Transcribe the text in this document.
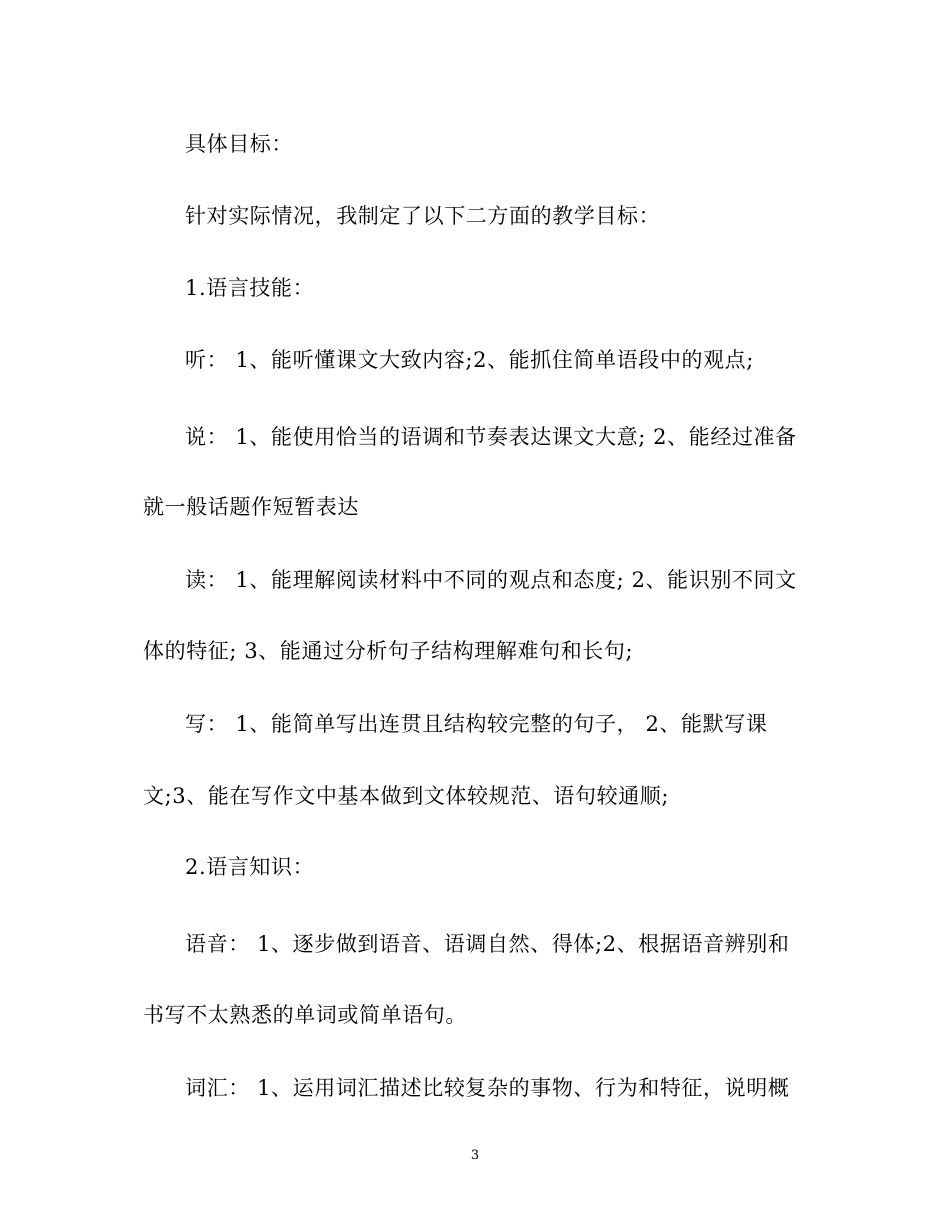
具体目标：
针对实际情况，我制定了以下二方面的教学目标：
1.语言技能：
听： 1、能听懂课文大致内容;2、能抓住简单语段中的观点;
说： 1、能使用恰当的语调和节奏表达课文大意; 2、能经过准备
就一般话题作短暂表达
读： 1、能理解阅读材料中不同的观点和态度; 2、能识别不同文
体的特征; 3、能通过分析句子结构理解难句和长句;
写： 1、能简单写出连贯且结构较完整的句子， 2、能默写课
文;3、能在写作文中基本做到文体较规范、语句较通顺;
2.语言知识：
语音： 1、逐步做到语音、语调自然、得体;2、根据语音辨别和
书写不太熟悉的单词或简单语句。
词汇： 1、运用词汇描述比较复杂的事物、行为和特征，说明概
3
